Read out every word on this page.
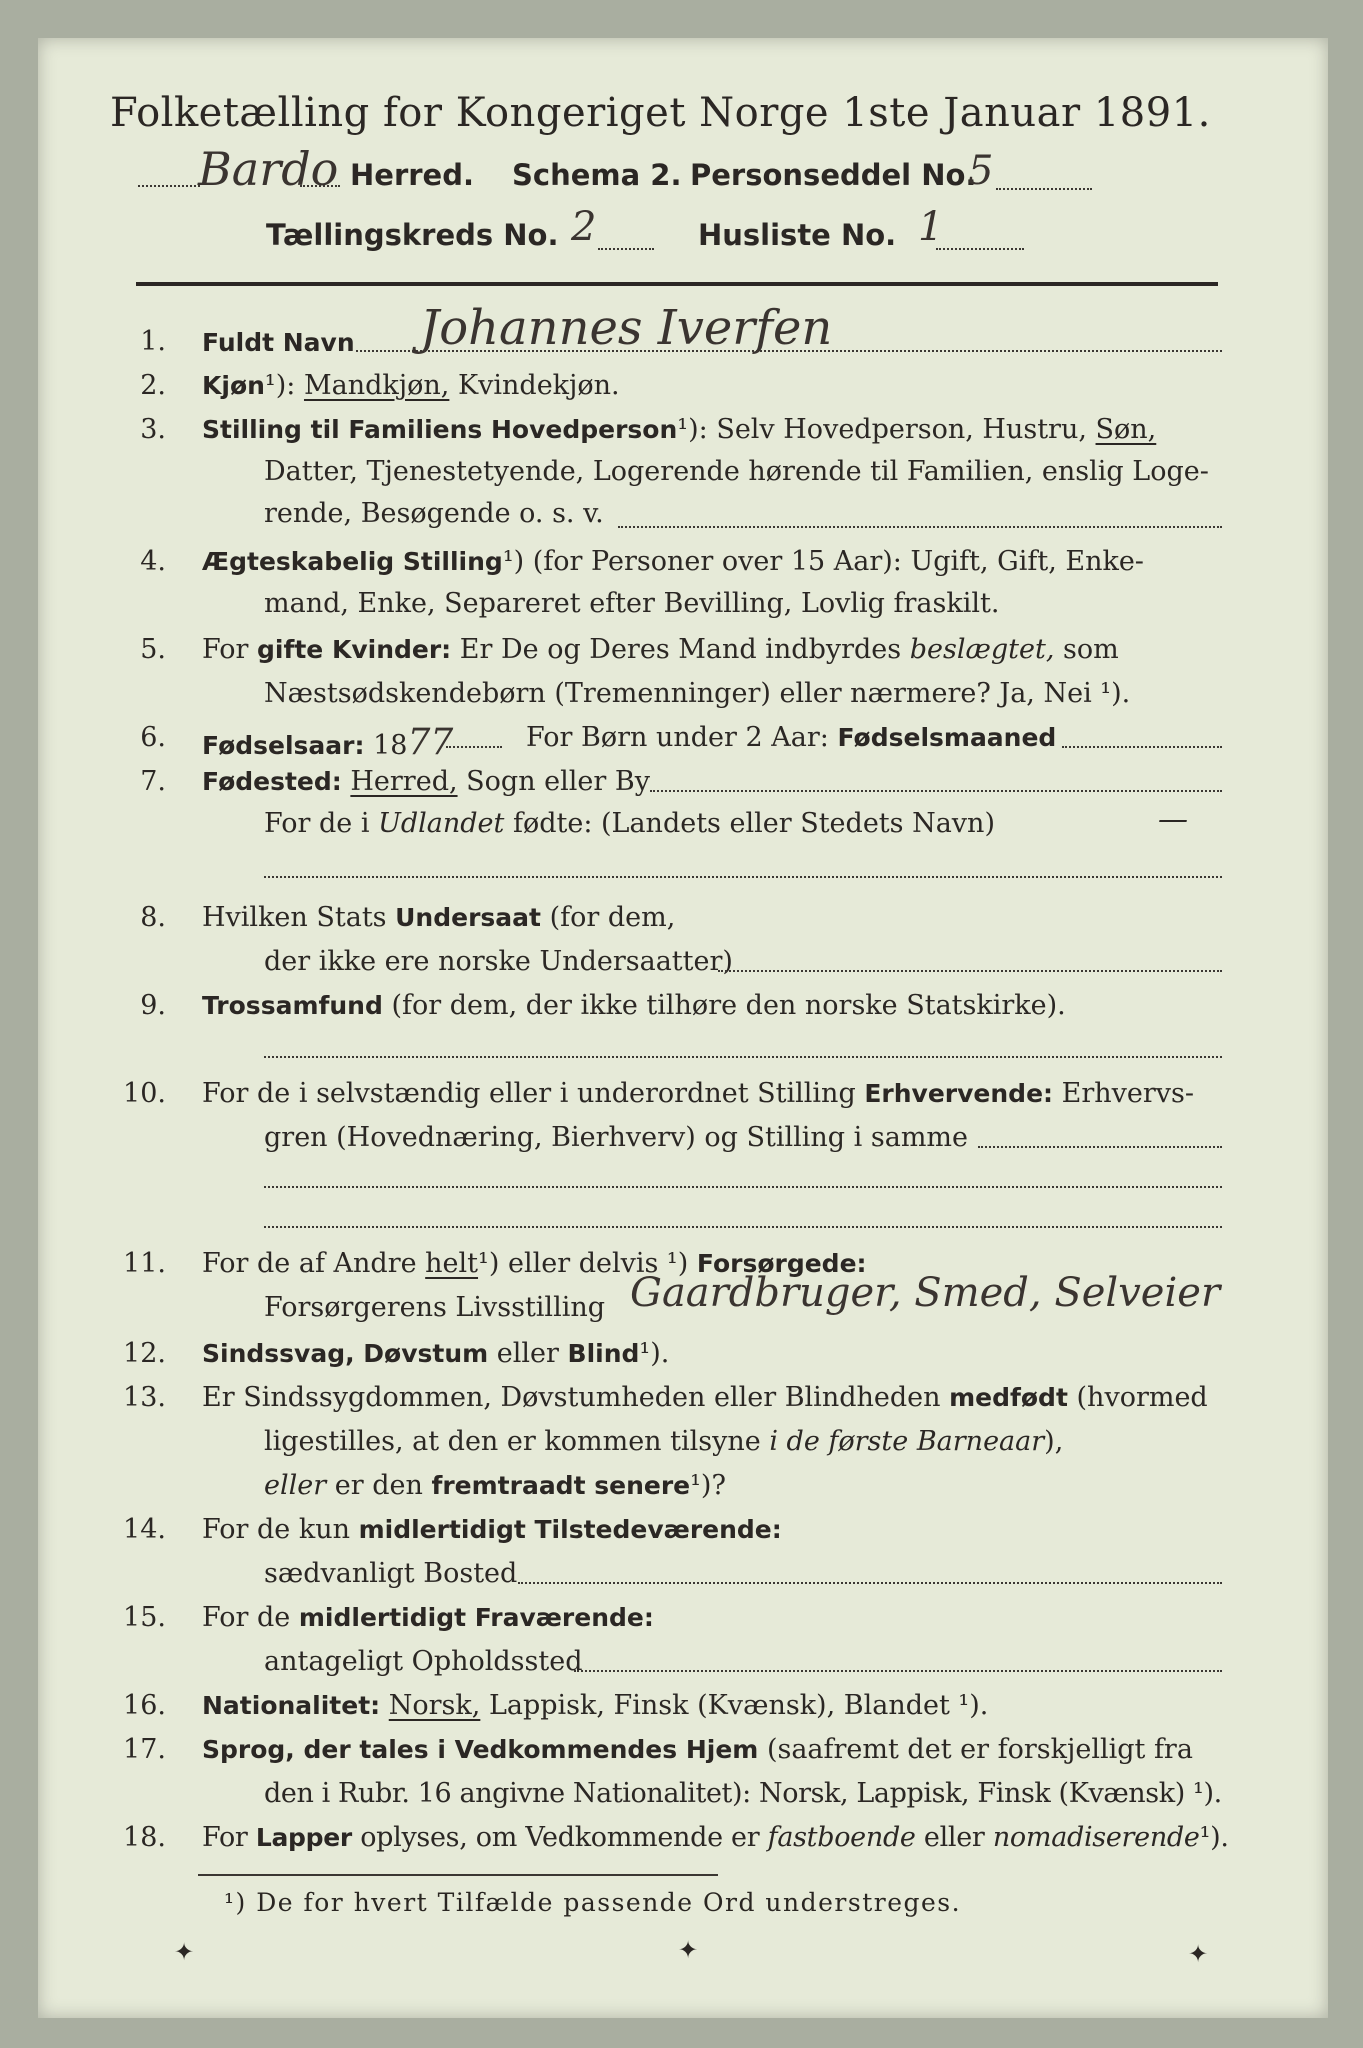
Folketælling for Kongeriget Norge 1ste Januar 1891.
Bardo Herred. Schema 2. Personseddel No.
5
Tællingskreds No. 2	Husliste No. 1
1. Fuldt Navn Johannes Iverfen
2. Kjøn¹): Mandkjøn, Kvindekjøn.
3. Stilling til Familiens Hovedperson¹): Selv Hovedperson, Hustru, Søn,
Datter, Tjenestetyende, Logerende hørende til Familien, enslig Loge-
rende, Besøgende o. s. v.
4. Ægteskabelig Stilling¹) (for Personer over 15 Aar): Ugift, Gift, Enke-
mand, Enke, Separeret efter Bevilling, Lovlig fraskilt.
5. For gifte Kvinder: Er De og Deres Mand indbyrdes beslægtet, som
Næstsødskendebørn (Tremenninger) eller nærmere? Ja, Nei ¹).
6. Fødselsaar: 1877	For Børn under 2 Aar: Fødselsmaaned
7. Fødested: Herred, Sogn eller By
For de i Udlandet fødte: (Landets eller Stedets Navn)	—
8. Hvilken Stats Undersaat (for dem,
der ikke ere norske Undersaatter)
9. Trossamfund (for dem, der ikke tilhøre den norske Statskirke).
10. For de i selvstændig eller i underordnet Stilling Erhvervende: Erhvervs-
gren (Hovednæring, Bierhverv) og Stilling i samme
11. For de af Andre helt¹) eller delvis ¹) Forsørgede:
Forsørgerens Livsstilling Gaardbruger, Smed, Selveier
12. Sindssvag, Døvstum eller Blind¹).
13. Er Sindssygdommen, Døvstumheden eller Blindheden medfødt (hvormed
ligestilles, at den er kommen tilsyne i de første Barneaar),
eller er den fremtraadt senere¹)?
14. For de kun midlertidigt Tilstedeværende:
sædvanligt Bosted
15. For de midlertidigt Fraværende:
antageligt Opholdssted
16. Nationalitet: Norsk, Lappisk, Finsk (Kvænsk), Blandet ¹).
17. Sprog, der tales i Vedkommendes Hjem (saafremt det er forskjelligt fra
den i Rubr. 16 angivne Nationalitet): Norsk, Lappisk, Finsk (Kvænsk) ¹).
18. For Lapper oplyses, om Vedkommende er fastboende eller nomadiserende¹).
¹) De for hvert Tilfælde passende Ord understreges.
✦	✦	✦
